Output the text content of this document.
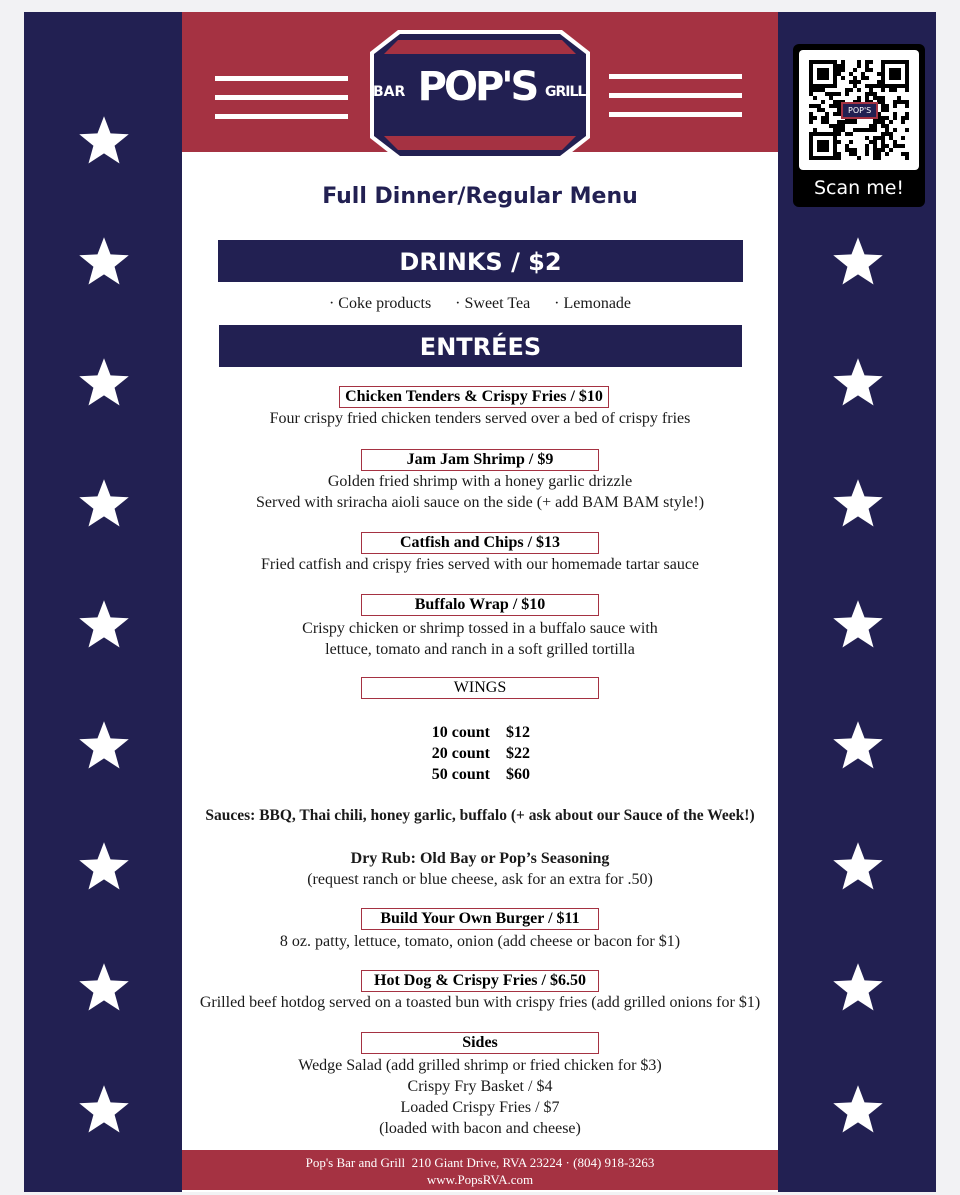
BAR POP'S GRILL
POP'S
Scan me!
Full Dinner/Regular Menu
DRINKS / $2
· Coke products · Sweet Tea · Lemonade
ENTRÉES
Chicken Tenders & Crispy Fries / $10
Four crispy fried chicken tenders served over a bed of crispy fries
Jam Jam Shrimp / $9
Golden fried shrimp with a honey garlic drizzle
Served with sriracha aioli sauce on the side (+ add BAM BAM style!)
Catfish and Chips / $13
Fried catfish and crispy fries served with our homemade tartar sauce
Buffalo Wrap / $10
Crispy chicken or shrimp tossed in a buffalo sauce with
lettuce, tomato and ranch in a soft grilled tortilla
WINGS
10 count $12
20 count $22
50 count $60
Sauces: BBQ, Thai chili, honey garlic, buffalo (+ ask about our Sauce of the Week!)
Dry Rub: Old Bay or Pop’s Seasoning
(request ranch or blue cheese, ask for an extra for .50)
Build Your Own Burger / $11
8 oz. patty, lettuce, tomato, onion (add cheese or bacon for $1)
Hot Dog & Crispy Fries / $6.50
Grilled beef hotdog served on a toasted bun with crispy fries (add grilled onions for $1)
Sides
Wedge Salad (add grilled shrimp or fried chicken for $3)
Crispy Fry Basket / $4
Loaded Crispy Fries / $7
(loaded with bacon and cheese)
Pop's Bar and Grill  210 Giant Drive, RVA 23224 · (804) 918-3263
www.PopsRVA.com
